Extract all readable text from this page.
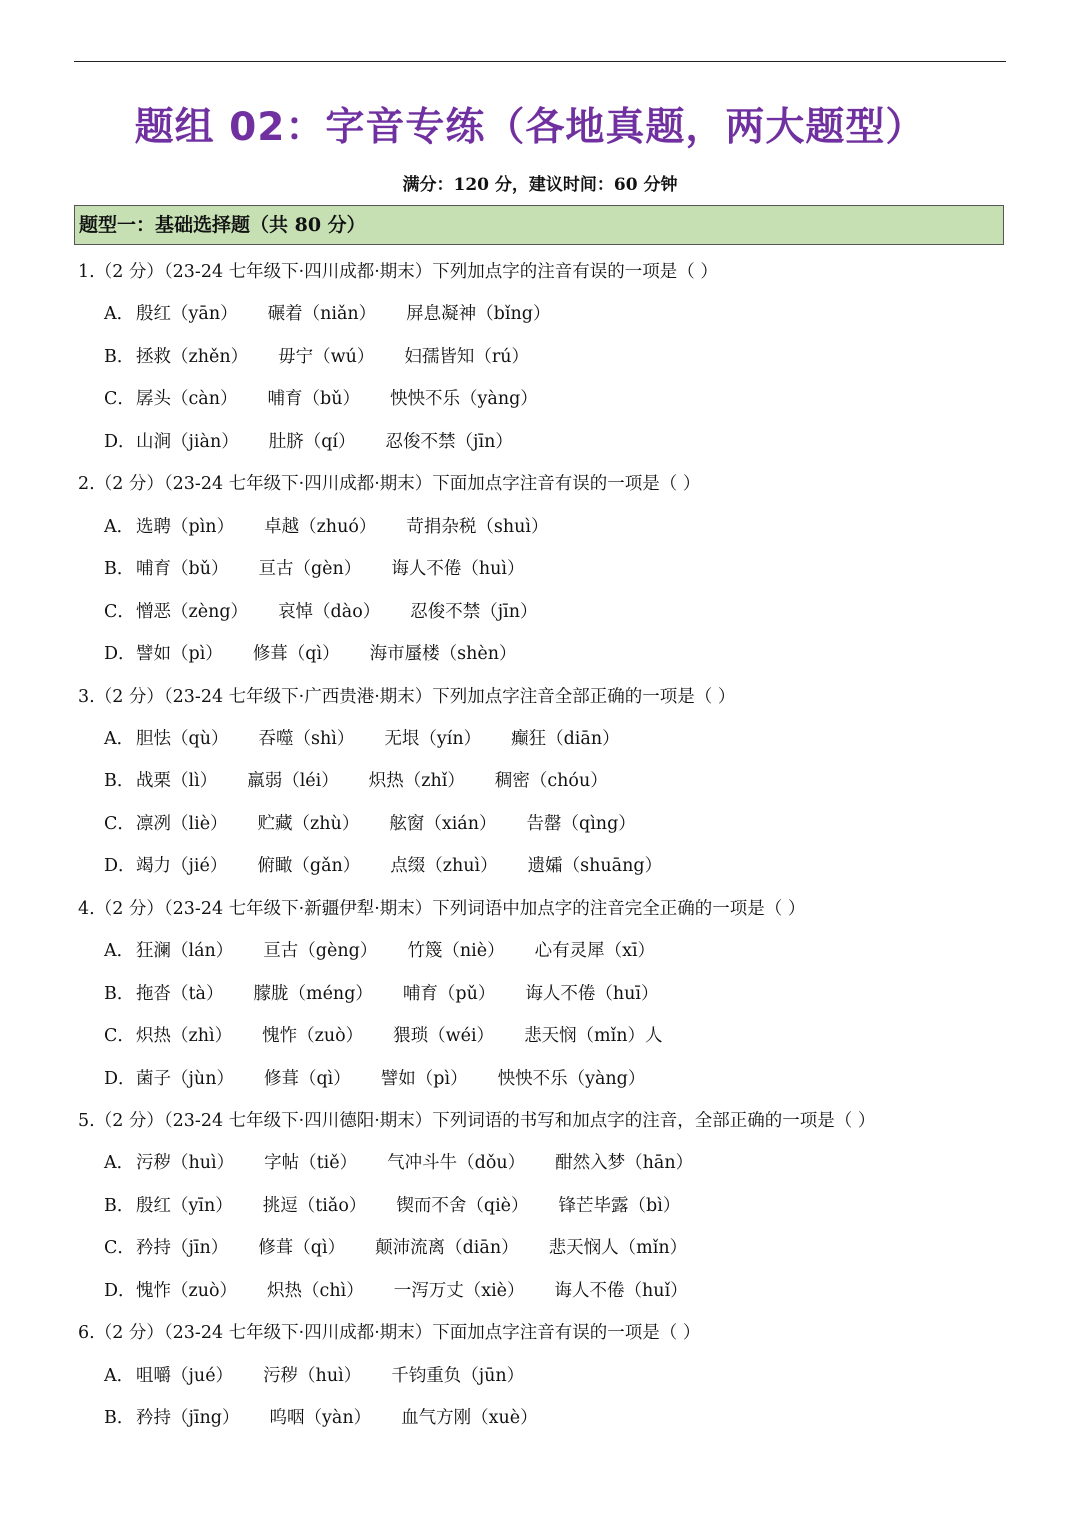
题组 02：字音专练（各地真题，两大题型）
满分：120 分，建议时间：60 分钟
题型一：基础选择题（共 80 分）
1.（2 分）（23-24 七年级下·四川成都·期末）下列加点字的注音有误的一项是（ ）
A． 殷红（yān） 碾着（niǎn） 屏息凝神（bǐng）
B．拯救（zhěn） 毋宁（wú） 妇孺皆知（rú）
C．孱头（càn） 哺育（bǔ） 怏怏不乐（yàng）
D．山涧（jiàn） 肚脐（qí） 忍俊不禁（jīn）
2.（2 分）（23-24 七年级下·四川成都·期末）下面加点字注音有误的一项是（ ）
A． 选聘（pìn） 卓越（zhuó） 苛捐杂税（shuì）
B．哺育（bǔ） 亘古（gèn） 诲人不倦（huì）
C．憎恶（zèng） 哀悼（dào） 忍俊不禁（jīn）
D．譬如（pì） 修葺（qì） 海市蜃楼（shèn）
3.（2 分）（23-24 七年级下·广西贵港·期末）下列加点字注音全部正确的一项是（ ）
A． 胆怯（qù） 吞噬（shì） 无垠（yín） 癫狂（diān）
B．战栗（lì） 羸弱（léi） 炽热（zhǐ） 稠密（chóu）
C．凛冽（liè） 贮藏（zhù） 舷窗（xián） 告罄（qìng）
D．竭力（jié） 俯瞰（gǎn） 点缀（zhuì） 遗孀（shuāng）
4.（2 分）（23-24 七年级下·新疆伊犁·期末）下列词语中加点字的注音完全正确的一项是（ ）
A． 狂澜（lán） 亘古（gèng） 竹篾（niè） 心有灵犀（xī）
B．拖沓（tà） 朦胧（méng） 哺育（pǔ） 诲人不倦（huī）
C．炽热（zhì） 愧怍（zuò） 猥琐（wéi） 悲天悯（mǐn）人
D．菌子（jùn） 修葺（qì） 譬如（pì） 怏怏不乐（yàng）
5.（2 分）（23-24 七年级下·四川德阳·期末）下列词语的书写和加点字的注音，全部正确的一项是（ ）
A． 污秽（huì） 字帖（tiě） 气冲斗牛（dǒu） 酣然入梦（hān）
B．殷红（yīn） 挑逗（tiǎo） 锲而不舍（qiè） 锋芒毕露（bì）
C．矜持（jīn） 修葺（qì） 颠沛流离（diān） 悲天悯人（mǐn）
D．愧怍（zuò） 炽热（chì） 一泻万丈（xiè） 诲人不倦（huǐ）
6.（2 分）（23-24 七年级下·四川成都·期末）下面加点字注音有误的一项是（ ）
A． 咀嚼（jué） 污秽（huì） 千钧重负（jūn）
B．矜持（jīng） 呜咽（yàn） 血气方刚（xuè）
